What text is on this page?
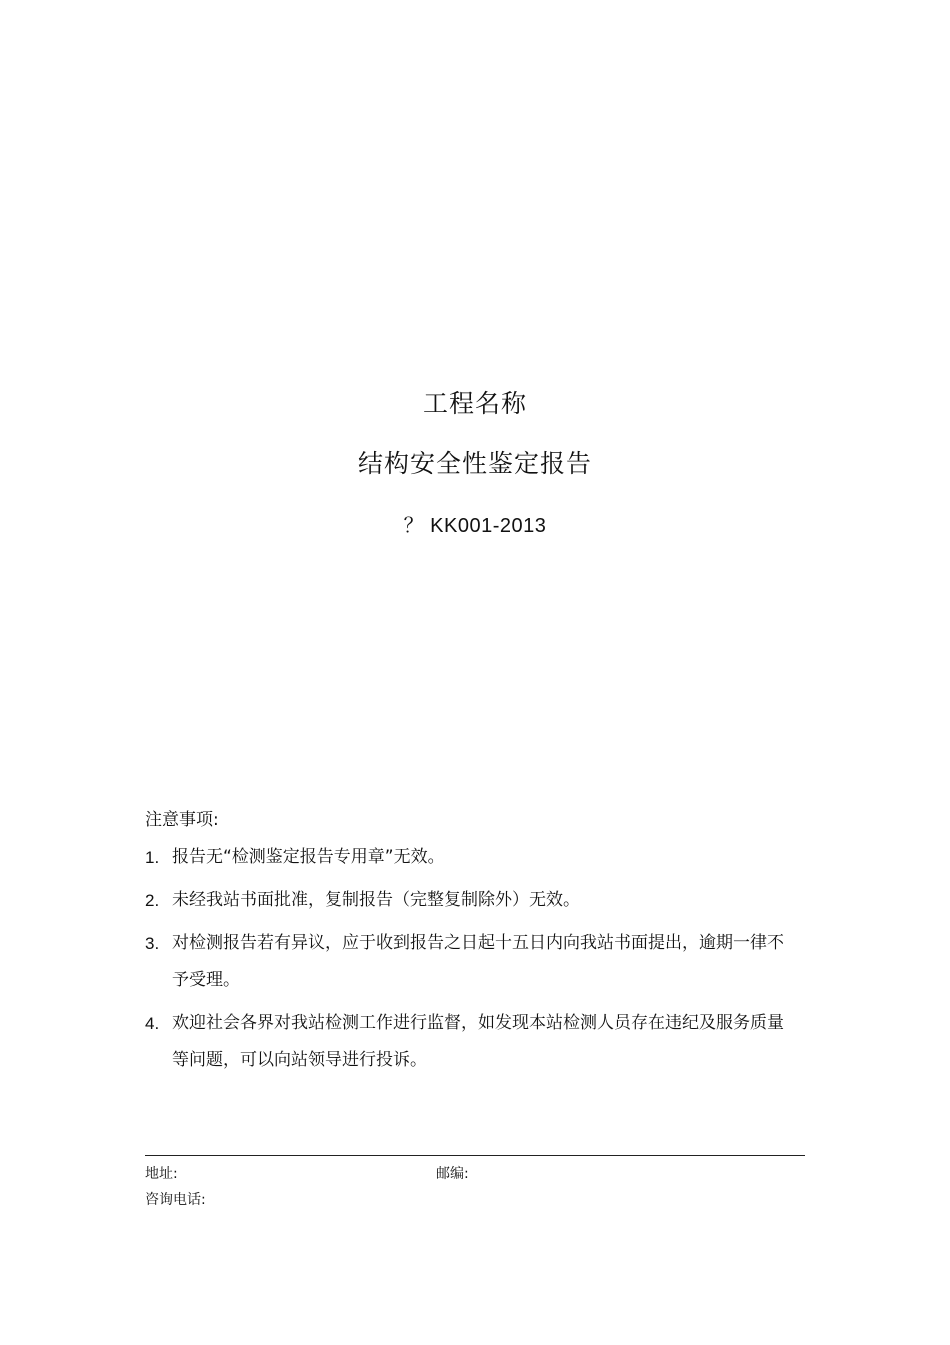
工程名称
结构安全性鉴定报告
？ KK001-2013
注意事项:
1. 报告无“检测鉴定报告专用章”无效。
2. 未经我站书面批准，复制报告（完整复制除外）无效。
3. 对检测报告若有异议，应于收到报告之日起十五日内向我站书面提出，逾期一律不予受理。
4. 欢迎社会各界对我站检测工作进行监督，如发现本站检测人员存在违纪及服务质量等问题，可以向站领导进行投诉。
地址:	邮编:
咨询电话:
